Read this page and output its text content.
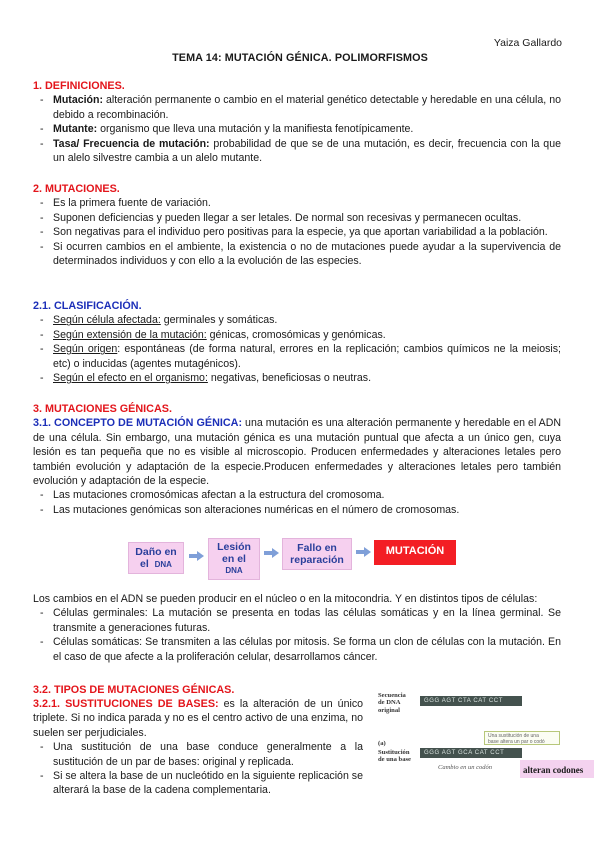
Yaiza Gallardo
TEMA 14: MUTACIÓN GÉNICA. POLIMORFISMOS
1. DEFINICIONES.
- Mutación: alteración permanente o cambio en el material genético detectable y heredable en una célula, no debido a recombinación.
- Mutante: organismo que lleva una mutación y la manifiesta fenotípicamente.
- Tasa/ Frecuencia de mutación: probabilidad de que se de una mutación, es decir, frecuencia con la que un alelo silvestre cambia a un alelo mutante.
2. MUTACIONES.
- Es la primera fuente de variación.
- Suponen deficiencias y pueden llegar a ser letales. De normal son recesivas y permanecen ocultas.
- Son negativas para el individuo pero positivas para la especie, ya que aportan variabilidad a la población.
- Si ocurren cambios en el ambiente, la existencia o no de mutaciones puede ayudar a la supervivencia de determinados individuos y con ello a la evolución de las especies.
2.1. CLASIFICACIÓN.
- Según célula afectada: germinales y somáticas.
- Según extensión de la mutación: génicas, cromosómicas y genómicas.
- Según origen: espontáneas (de forma natural, errores en la replicación; cambios químicos ne la meiosis; etc) o inducidas (agentes mutagénicos).
- Según el efecto en el organismo: negativas, beneficiosas o neutras.
3. MUTACIONES GÉNICAS.

3.1. CONCEPTO DE MUTACIÓN GÉNICA: una mutación es una alteración permanente y heredable en el ADN de una célula. Sin embargo, una mutación génica es una mutación puntual que afecta a un único gen, cuya lesión es tan pequeña que no es visible al microscopio. Producen enfermedades y alteraciones letales pero también evolución y adaptación de la especie.Producen enfermedades y alteraciones letales pero también evolución y adaptación de la especie.

- Las mutaciones cromosómicas afectan a la estructura del cromosoma.
- Las mutaciones genómicas son alteraciones numéricas en el número de cromosomas.
Daño en
el DNA
Lesión
en el
DNA
Fallo en
reparación
MUTACIÓN

Los cambios en el ADN se pueden producir en el núcleo o en la mitocondria. Y en distintos tipos de células:

- Células germinales: La mutación se presenta en todas las células somáticas y en la línea germinal. Se transmite a generaciones futuras.
- Células somáticas: Se transmiten a las células por mitosis. Se forma un clon de células con la mutación. En el caso de que afecte a la proliferación celular, desarrollamos cáncer.
3.2. TIPOS DE MUTACIONES GÉNICAS.

3.2.1. SUSTITUCIONES DE BASES: es la alteración de un único triplete. Si no indica parada y no es el centro activo de una enzima, no suelen ser perjudiciales.

- Una sustitución de una base conduce generalmente a la sustitución de un par de bases: original y replicada.
- Si se altera la base de un nucleótido en la siguiente replicación se alterará la base de la cadena complementaria.
Secuencia
de DNA
original
GGG AGT CTA CAT CCT
(a)
Sustitución
de una base
GGG AGT GCA CAT CCT
Una sustitución de una
base altera un par o codó
Cambio en un codón	alteran codones
